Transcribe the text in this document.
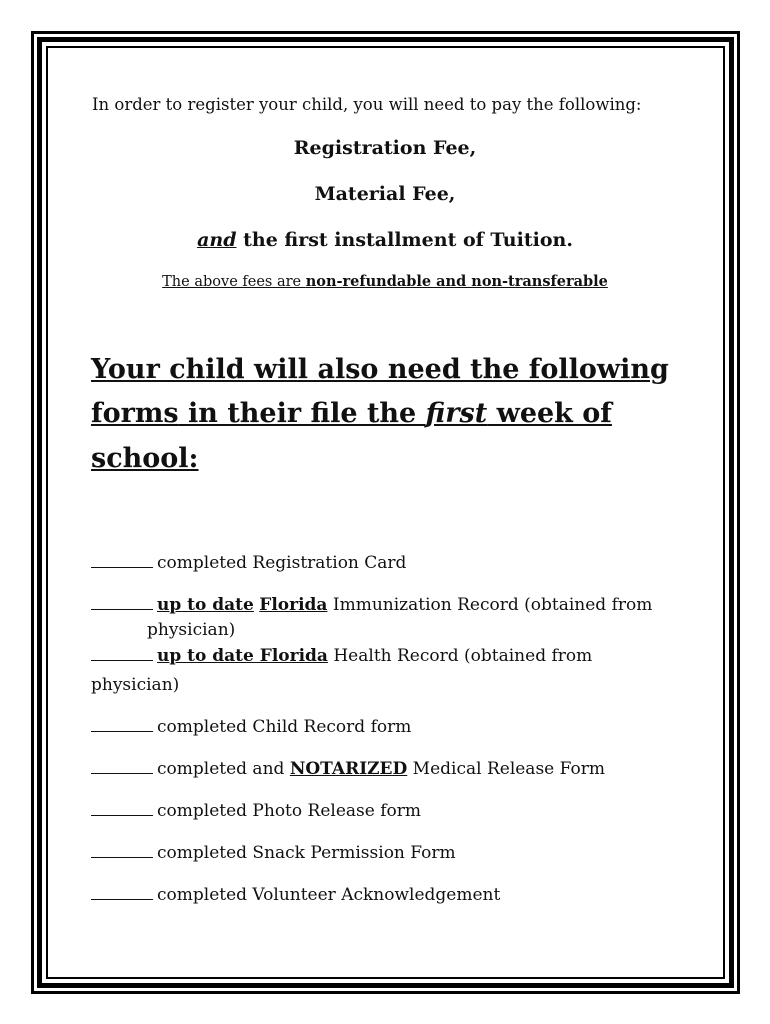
In order to register your child, you will need to pay the following:
Registration Fee,
Material Fee,
and the first installment of Tuition.
The above fees are non-refundable and non-transferable
Your child will also need the following
forms in their file the first week of
school:
completed Registration Card
up to date Florida Immunization Record (obtained from
physician)
up to date Florida Health Record (obtained from
physician)
completed Child Record form
completed and NOTARIZED Medical Release Form
completed Photo Release form
completed Snack Permission Form
completed Volunteer Acknowledgement
